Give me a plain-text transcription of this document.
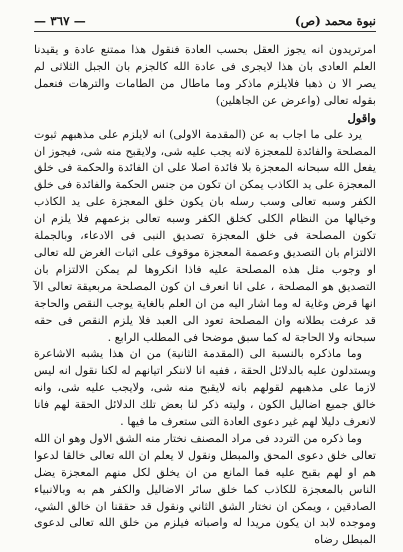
نبوة محمد (ص)
— ٣٦٧ —

امرتريدون انه يجوز العقل بحسب العادة فنقول هذا ممتنع عادة و يقيدنا العلم العادى بان هذا لايجرى فى عادة الله كالجزم بان الجبل الثلاثى لم يصر الا ن ذهبا فلايلزم ماذكر وما ماطال من الطامات والترهات فنعمل بقوله تعالى (واعرض عن الجاهلين)

واقول

يرد على ما اجاب به عن (المقدمة الاولى) انه لايلزم على مذهبهم ثبوت المصلحة والفائدة للمعجزة لانه يجب عليه شى، ولايقبح منه شى، فيجوز ان يفعل الله سبحانه المعجزة بلا فائدة اصلا على ان الفائدة والحكمة فى خلق المعجزة على يد الكاذب يمكن ان تكون من جنس الحكمة والفائدة فى خلق الكفر وسبه تعالى وسب رسله بان يكون خلق المعجزة على يد الكاذب وخيالها من النظام الكلى كخلق الكفر وسبه تعالى بزعمهم فلا يلزم ان تكون المصلحة فى خلق المعجزة تصديق النبى فى الادعاء، وبالجملة الالتزام بان التصديق وعصمة المعجزة موقوف على اثبات الغرض لله تعالى او وجوب مثل هذه المصلحة عليه فاذا انكروها لم يمكن الالتزام بان التصديق هو المصلحة ، على انا انعرف ان كون المصلحة مربعيقة تعالى الآ انها قرض وغاية له وما اشار اليه من ان العلم بالغاية يوجب النقص والحاجة قد عرفت بطلانه وان المصلحة تعود الى العبد فلا يلزم النقص فى حقه سبحانه ولا الحاجة له كما سبق موضحا فى المطلب الرابع .

وما ماذكره بالنسبة الى (المقدمة الثانية) من ان هذا يشبه الاشاعرة ويستدلون عليه بالدلائل الحقة ، ففيه انا لاننكر اتيانهم له لكنا نقول انه ليس لازما على مذهبهم لقولهم بانه لايقبح منه شى، ولايجب عليه شى، وانه خالق جميع اضاليل الكون ، وليته ذكر لنا بعض تلك الدلائل الحقة لهم فانا لانعرف دليلا لهم غير دعوى العادة التى ستعرف ما فيها .

وما ذكره من التردد فى مراد المصنف نختار منه الشق الاول وهو ان الله تعالى خلق دعوى المحق والمبطل ونقول لا يعلم ان الله تعالى خالقا لدعوا هم او لهم بقبح عليه فما المانع من ان يخلق لكل منهم المعجزة يضل الناس بالمعجزة للكاذب كما خلق سائر الاضاليل والكفر هم به وبالانبياء الصادقين ، ويمكن ان نختار الشق الثاني ونقول قد حققنا ان خالق الشي، وموجده لابد ان يكون مريدا له واصباته فيلزم من خلق الله تعالى لدعوى المبطل رضاه
